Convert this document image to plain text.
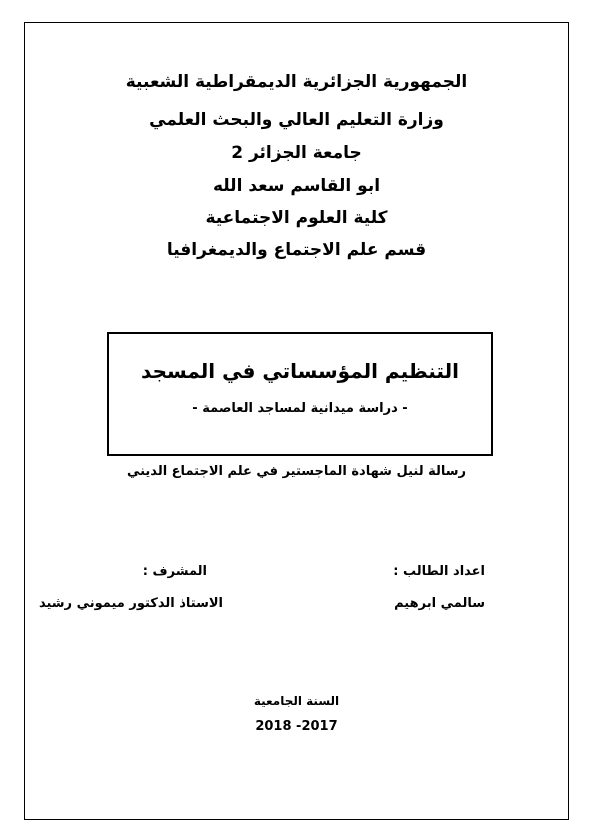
الجمهورية الجزائرية الديمقراطية الشعبية
وزارة التعليم العالي والبحث العلمي
جامعة الجزائر 2
ابو القاسم سعد الله
كلية العلوم الاجتماعية
قسم علم الاجتماع والديمغرافيا
التنظيم المؤسساتي في المسجد
- دراسة ميدانية لمساجد العاصمة -
رسالة لنيل شهادة الماجستير في علم الاجتماع الديني
اعداد الطالب :
سالمي ابرهيم
المشرف :
الاستاذ الدكتور ميموني رشيد
السنة الجامعية
2017- 2018
